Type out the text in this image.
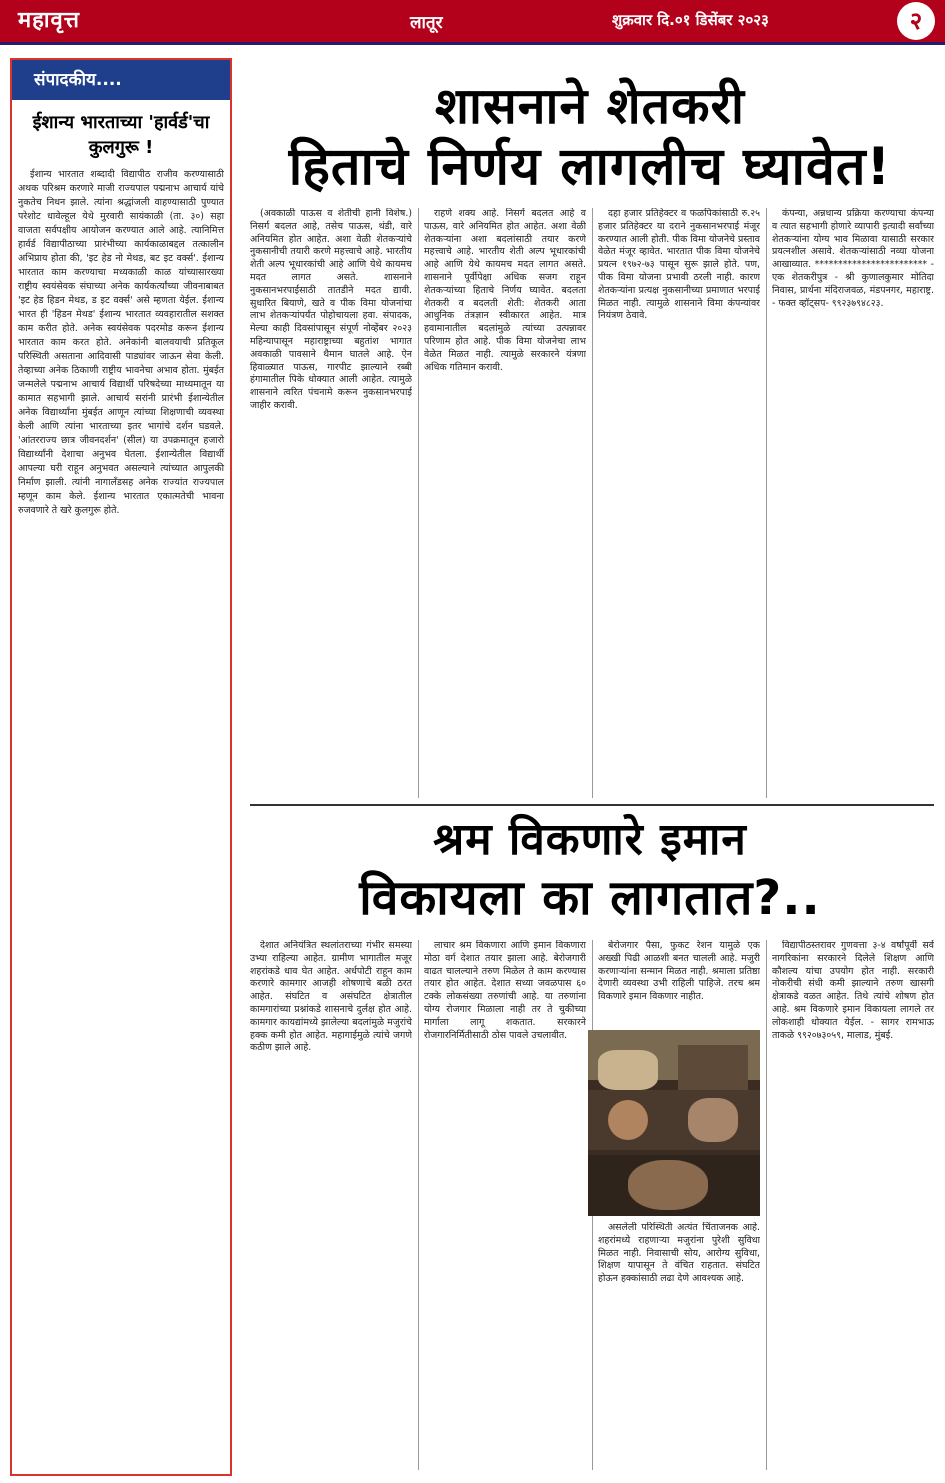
महावृत्त	लातूर	शुक्रवार दि.०१ डिसेंबर २०२३	२
संपादकीय....
ईशान्य भारताच्या 'हार्वर्ड'चा कुलगुरू !

ईशान्य भारतात शब्दादी विद्यापीठ राजीव करण्यासाठी अथक परिश्रम करणारे माजी राज्यपाल पद्मनाभ आचार्य यांचे नुकतेच निधन झाले. त्यांना श्रद्धांजली वाहण्यासाठी पुण्यात परेशोट धावेल्हूल येथे मुरवारी सायंकाळी (ता. ३०) सहा वाजता सर्वपक्षीय आयोजन करण्यात आले आहे. त्यानिमित्त हार्वर्ड विद्यापीठाच्या प्रारंभीच्या कार्यकाळाबद्दल तत्कालीन अभिप्राय होता की, 'इट हेड नो मेथड, बट इट वर्क्स'. ईशान्य भारतात काम करण्याचा मध्यकाळी काळ यांच्यासारख्या राष्ट्रीय स्वयंसेवक संघाच्या अनेक कार्यकर्त्यांच्या जीवनाबाबत 'इट हेड हिडन मेथड, ड इट वर्क्स' असे म्हणता येईल. ईशान्य भारत ही 'हिडन मेथड' ईशान्य भारतात व्यवहारातील सशक्त काम करीत होते. अनेक स्वयंसेवक पदरमोड करून ईशान्य भारतात काम करत होते. अनेकांनी बालवयाची प्रतिकूल परिस्थिती असताना आदिवासी पाड्यांवर जाऊन सेवा केली. तेव्हाच्या अनेक ठिकाणी राष्ट्रीय भावनेचा अभाव होता. मुंबईत जन्मलेले पद्मनाभ आचार्य विद्यार्थी परिषदेच्या माध्यमातून या कामात सहभागी झाले. आचार्य सरांनी प्रारंभी ईशान्येतील अनेक विद्यार्थ्यांना मुंबईत आणून त्यांच्या शिक्षणाची व्यवस्था केली आणि त्यांना भारताच्या इतर भागांचे दर्शन घडवले. 'आंतरराज्य छात्र जीवनदर्शन' (सील) या उपक्रमातून हजारो विद्यार्थ्यांनी देशाचा अनुभव घेतला. ईशान्येतील विद्यार्थी आपल्या घरी राहून अनुभवत असल्याने त्यांच्यात आपुलकी निर्माण झाली. त्यांनी नागालँडसह अनेक राज्यांत राज्यपाल म्हणून काम केले. ईशान्य भारतात एकात्मतेची भावना रुजवणारे ते खरे कुलगुरू होते.

शासनाने शेतकरी
हिताचे निर्णय लागलीच घ्यावेत!

(अवकाळी पाऊस व शेतीची हानी विशेष.) निसर्ग बदलत आहे, तसेच पाऊस, थंडी, वारे अनियमित होत आहेत. अशा वेळी शेतकऱ्यांचे नुकसानीची तयारी करणे महत्त्वाचे आहे. भारतीय शेती अल्प भूधारकांची आहे आणि येथे कायमच मदत लागत असते. शासनाने नुकसानभरपाईसाठी तातडीने मदत द्यावी. सुधारित बियाणे, खते व पीक विमा योजनांचा लाभ शेतकऱ्यांपर्यंत पोहोचायला हवा. संपादक, मेल्या काही दिवसांपासून संपूर्ण नोव्हेंबर २०२३ महिन्यापासून महाराष्ट्राच्या बहुतांश भागात अवकाळी पावसाने थैमान घातले आहे. ऐन हिवाळ्यात पाऊस, गारपीट झाल्याने रब्बी हंगामातील पिके धोक्यात आली आहेत. त्यामुळे शासनाने त्वरित पंचनामे करून नुकसानभरपाई जाहीर करावी.

राहणे शक्य आहे. निसर्ग बदलत आहे व पाऊस, वारे अनियमित होत आहेत. अशा वेळी शेतकऱ्यांना अशा बदलांसाठी तयार करणे महत्त्वाचे आहे. भारतीय शेती अल्प भूधारकांची आहे आणि येथे कायमच मदत लागत असते. शासनाने पूर्वीपेक्षा अधिक सजग राहून शेतकऱ्यांच्या हिताचे निर्णय घ्यावेत. बदलता शेतकरी व बदलती शेती: शेतकरी आता आधुनिक तंत्रज्ञान स्वीकारत आहेत. मात्र हवामानातील बदलांमुळे त्यांच्या उत्पन्नावर परिणाम होत आहे. पीक विमा योजनेचा लाभ वेळेत मिळत नाही. त्यामुळे सरकारने यंत्रणा अधिक गतिमान करावी.

दहा हजार प्रतिहेक्टर व फळपिकांसाठी रु.२५ हजार प्रतिहेक्टर या दराने नुकसानभरपाई मंजूर करण्यात आली होती. पीक विमा योजनेचे प्रस्ताव वेळेत मंजूर व्हावेत. भारतात पीक विमा योजनेचे प्रयत्न १९७२-७३ पासून सुरू झाले होते. पण, पीक विमा योजना प्रभावी ठरली नाही. कारण शेतकऱ्यांना प्रत्यक्ष नुकसानीच्या प्रमाणात भरपाई मिळत नाही. त्यामुळे शासनाने विमा कंपन्यांवर नियंत्रण ठेवावे.

कंपन्या, अन्नधान्य प्रक्रिया करण्याचा कंपन्या व त्यात सहभागी होणारे व्यापारी इत्यादी सर्वांच्या शेतकऱ्यांना योग्य भाव मिळावा यासाठी सरकार प्रयत्नशील असावे. शेतकऱ्यांसाठी नव्या योजना आखाव्यात. ************************ - एक शेतकरीपुत्र - श्री कुणालकुमार मोतिदा निवास, प्रार्थना मंदिराजवळ, मंडपनगर, महाराष्ट्र. - फक्त व्हॉट्सप- ९९२३७९४८२३.

श्रम विकणारे इमान
विकायला का लागतात?..

देशात अनियंत्रित स्थलांतराच्या गंभीर समस्या उभ्या राहिल्या आहेत. ग्रामीण भागातील मजूर शहरांकडे धाव घेत आहेत. अर्धपोटी राहून काम करणारे कामगार आजही शोषणाचे बळी ठरत आहेत. संघटित व असंघटित क्षेत्रातील कामगारांच्या प्रश्नांकडे शासनाचे दुर्लक्ष होत आहे. कामगार कायद्यांमध्ये झालेल्या बदलांमुळे मजुरांचे हक्क कमी होत आहेत. महागाईमुळे त्यांचे जगणे कठीण झाले आहे.

लाचार श्रम विकणारा आणि इमान विकणारा मोठा वर्ग देशात तयार झाला आहे. बेरोजगारी वाढत चालल्याने तरुण मिळेल ते काम करण्यास तयार होत आहेत. देशात सध्या जवळपास ६० टक्के लोकसंख्या तरुणांची आहे. या तरुणांना योग्य रोजगार मिळाला नाही तर ते चुकीच्या मार्गाला लागू शकतात. सरकारने रोजगारनिर्मितीसाठी ठोस पावले उचलावीत.

बेरोजगार पैसा, फुकट रेशन यामुळे एक अख्खी पिढी आळशी बनत चालली आहे. मजुरी करणाऱ्यांना सन्मान मिळत नाही. श्रमाला प्रतिष्ठा देणारी व्यवस्था उभी राहिली पाहिजे. तरच श्रम विकणारे इमान विकणार नाहीत.

असलेली परिस्थिती अत्यंत चिंताजनक आहे. शहरांमध्ये राहणाऱ्या मजुरांना पुरेशी सुविधा मिळत नाही. निवासाची सोय, आरोग्य सुविधा, शिक्षण यापासून ते वंचित राहतात. संघटित होऊन हक्कांसाठी लढा देणे आवश्यक आहे.

विद्यापीठस्तरावर गुणवत्ता ३-४ वर्षांपूर्वी सर्व नागरिकांना सरकारने दिलेले शिक्षण आणि कौशल्य यांचा उपयोग होत नाही. सरकारी नोकरीची संधी कमी झाल्याने तरुण खासगी क्षेत्राकडे वळत आहेत. तिथे त्यांचे शोषण होत आहे. श्रम विकणारे इमान विकायला लागले तर लोकशाही धोक्यात येईल. - सागर रामभाऊ ताकळे ९९२०७३०५९, मालाड, मुंबई.
